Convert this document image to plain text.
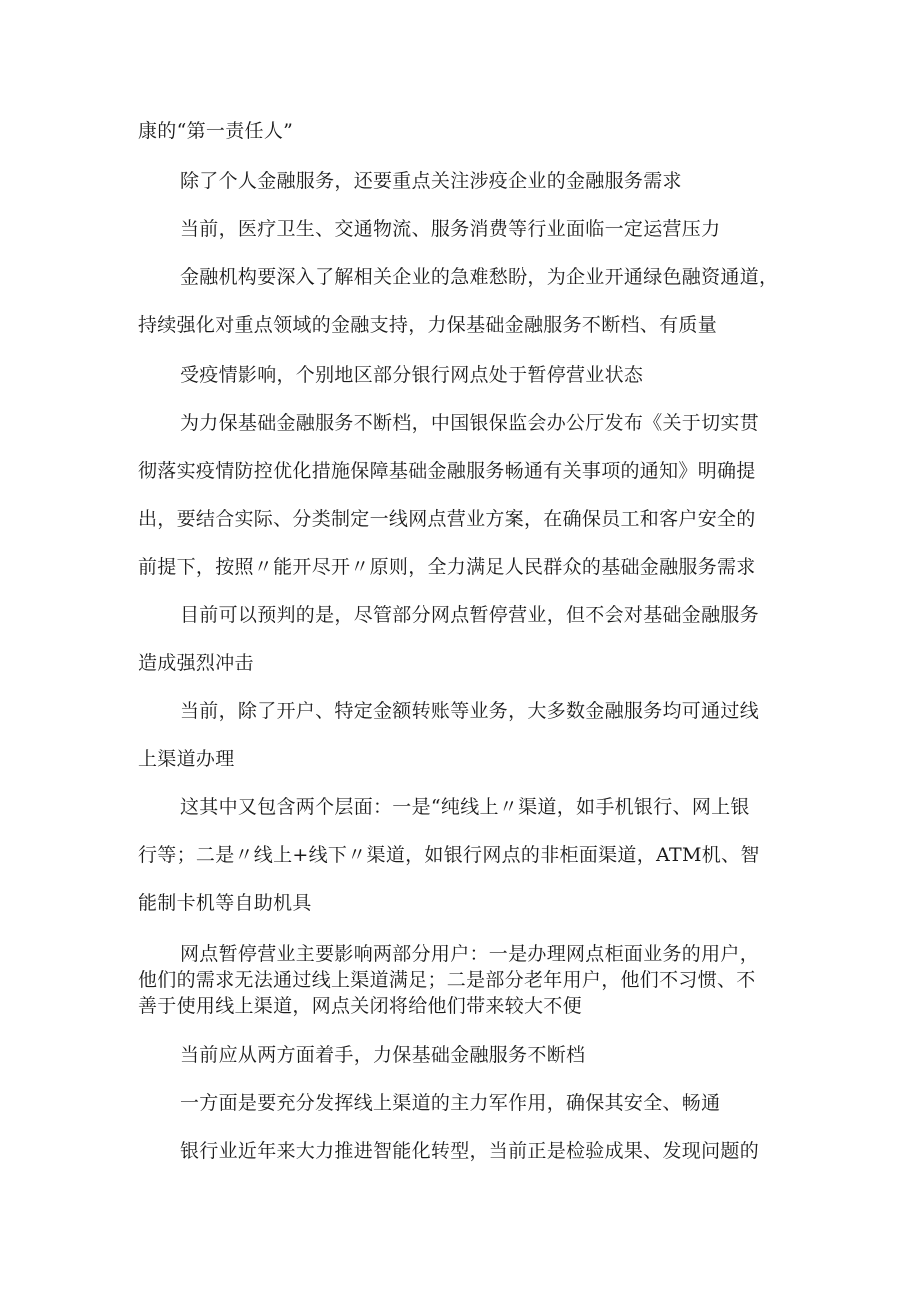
康的“第一责任人”
除了个人金融服务，还要重点关注涉疫企业的金融服务需求
当前，医疗卫生、交通物流、服务消费等行业面临一定运营压力
金融机构要深入了解相关企业的急难愁盼，为企业开通绿色融资通道，
持续强化对重点领域的金融支持，力保基础金融服务不断档、有质量
受疫情影响，个别地区部分银行网点处于暂停营业状态
为力保基础金融服务不断档，中国银保监会办公厅发布《关于切实贯
彻落实疫情防控优化措施保障基础金融服务畅通有关事项的通知》明确提
出，要结合实际、分类制定一线网点营业方案，在确保员工和客户安全的
前提下，按照〃能开尽开〃原则，全力满足人民群众的基础金融服务需求
目前可以预判的是，尽管部分网点暂停营业，但不会对基础金融服务
造成强烈冲击
当前，除了开户、特定金额转账等业务，大多数金融服务均可通过线
上渠道办理
这其中又包含两个层面：一是“纯线上〃渠道，如手机银行、网上银
行等；二是〃线上+线下〃渠道，如银行网点的非柜面渠道，ATM机、智
能制卡机等自助机具
网点暂停营业主要影响两部分用户：一是办理网点柜面业务的用户，
他们的需求无法通过线上渠道满足；二是部分老年用户，他们不习惯、不
善于使用线上渠道，网点关闭将给他们带来较大不便
当前应从两方面着手，力保基础金融服务不断档
一方面是要充分发挥线上渠道的主力军作用，确保其安全、畅通
银行业近年来大力推进智能化转型，当前正是检验成果、发现问题的
